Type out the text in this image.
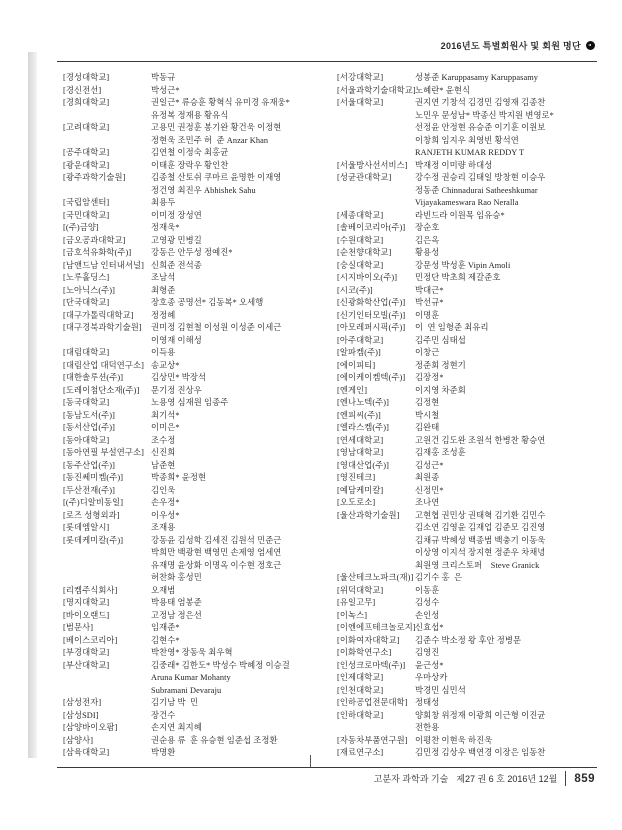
2016년도 특별회원사 및 회원 명단
[경성대학교]	박동규
[경신전선]	박성근*
[경희대학교]	권일근* 류승훈 황혁식 유미경 유재웅*
유정복 정재용 황유식
[고려대학교]	고용민 권정훈 봉기완 황건욱 이정현
정현욱 조민주 허  준 Anzar Khan
[공주대학교]	김연철 이정숙 최홍균
[광운대학교]	이태훈 장락우 황인찬
[광주과학기술원]	김종철 산토쉬 쿠마르 윤명한 이재영
정건영 최진우 Abhishek Sahu
[국립암센터]	최용두
[국민대학교]	이미정 장성연
[(주)금양]	정재욱*
[금오공과대학교]	고영광 민병길
[금호석유화학(주)]	강동은 안두성 정예진*
[남앤드남 인터내셔널] 신희준 전석종
[노루홀딩스]	조남석
[노아닉스(주)]	최형준
[단국대학교]	장호종 공명선* 김동복* 오세행
[대구가톨릭대학교]	정정혜
[대구경북과학기술원]	권미정 김현철 이성원 이성준 이세근
이영재 이해성
[대림대학교]	이득용
[대림산업 대덕연구소] 송교상*
[대한솔루션(주)]	김상민* 박장석
[도레이첨단소재(주)]	문기정 진상우
[동국대학교]	노용영 심재원 임종주
[동남도서(주)]	최기석*
[동서산업(주)]	이미은*
[동아대학교]	조수정
[동아연필 부설연구소] 신진희
[동주산업(주)]	남준현
[동진쎄미켐(주)]	박종희* 윤정현
[두산전재(주)]	김인욱
[(주)디알비동일]	손우정*
[로즈 성형외과]	이우성*
[롯데엠알시]	조재용
[롯데케미칼(주)]	강동윤 김성학 김세진 김원석 민준근
박희만 백광현 백영민 손제영 엄세연
유재명 윤상화 이명옥 이수현 정호근
허찬화 홍성민
[리켐주식회사]	오재범
[명지대학교]	박용태 엄봉준
[바이오랜드]	고정남 정은선
[범문사]	임재준*
[베이스코리아]	김현수*
[부경대학교]	박찬영* 장동욱 최우혁
[부산대학교]	김중래* 김한도* 박성수 박혜정 이승걸
Aruna Kumar Mohanty
Subramani Devaraju
[삼성전자]	김기남 박  민
[삼성SDI]	장건수
[삼양바이오팜]	손지연 최지혜
[삼양사]	권순용 류  훈 유승현 임준섭 조정환
[삼육대학교]	박명환
[서강대학교]	성봉준 Karuppasamy Karuppasamy
[서울과학기술대학교] 노혜란* 윤현식
[서울대학교]	권지연 기창석 김경민 김영재 김종찬
노민우 문성남* 박종신 박지원 변영로*
선정윤 안정현 유승준 이기훈 이원보
이창희 임지우 최영빈 황석연
RANJETH KUMAR REDDY T
[서울방사선서비스] 박재정 이미량 하대성
[성균관대학교]	강수정 권승리 김태일 방창현 이승우
정동준 Chinnadurai Satheeshkumar
Vijayakameswara Rao Neralla
[세종대학교]	라빈드라 이원목 임유승*
[솔베이코리아(주)]	장순호
[수원대학교]	김은옥
[순천향대학교]	황용성
[숭실대학교]	강문성 박성훈 Vipin Amoli
[시지바이오(주)]	민정단 박초희 제갈준호
[시코(주)]	박대근*
[신광화학산업(주)]	박선규*
[신기인터모빌(주)]	이명훈
[아모레퍼시픽(주)]	이  연 임형준 최유리
[아주대학교]	김주민 심태섭
[알파켐(주)]	이창근
[에이피티]	정준회 정현기
[에이케이켐텍(주)]	김장정*
[엔게인]	이지영 차준회
[엔나노텍(주)]	김정현
[엔피씨(주)]	박시철
[엘라스켐(주)]	김완태
[연세대학교]	고원건 김도완 조원석 한병찬 황승연
[영남대학교]	김재홍 조성훈
[영대산업(주)]	김성근*
[영진테크]	최원종
[예담케미칼]	신정민*
[오도로소]	조나연
[울산과학기술원]	고현협 권민상 권태혁 김기환 김민수
김소연 김영윤 김재업 김준모 김진영
김채규 박혜성 백종범 백충기 이동욱
이상영 이지석 장지현 정준우 차채녕
최원영 크리스토퍼    Steve Granick
[울산테크노파크(재)] 김기수 홍  은
[위덕대학교]	이동훈
[유일고무]	김성수
[이녹스]	손인성
[이엔에프테크놀로지] 신효섭*
[이화여자대학교]	김준수 박소정 왕 후안 정병문
[이화학연구소]	김영진
[인성크로마텍(주)]	윤근성*
[인제대학교]	우마상카
[인천대학교]	박경민 심민석
[인하공업전문대학] 정태성
[인하대학교]	양회창 위정재 이광희 이근형 이진균
전한용
[자동차부품연구원] 이평찬 이현욱 하진욱
[재료연구소]	김민정 김상우 백연경 이장은 임동찬
고분자 과학과 기술 제27 권 6 호 2016년 12월 859
